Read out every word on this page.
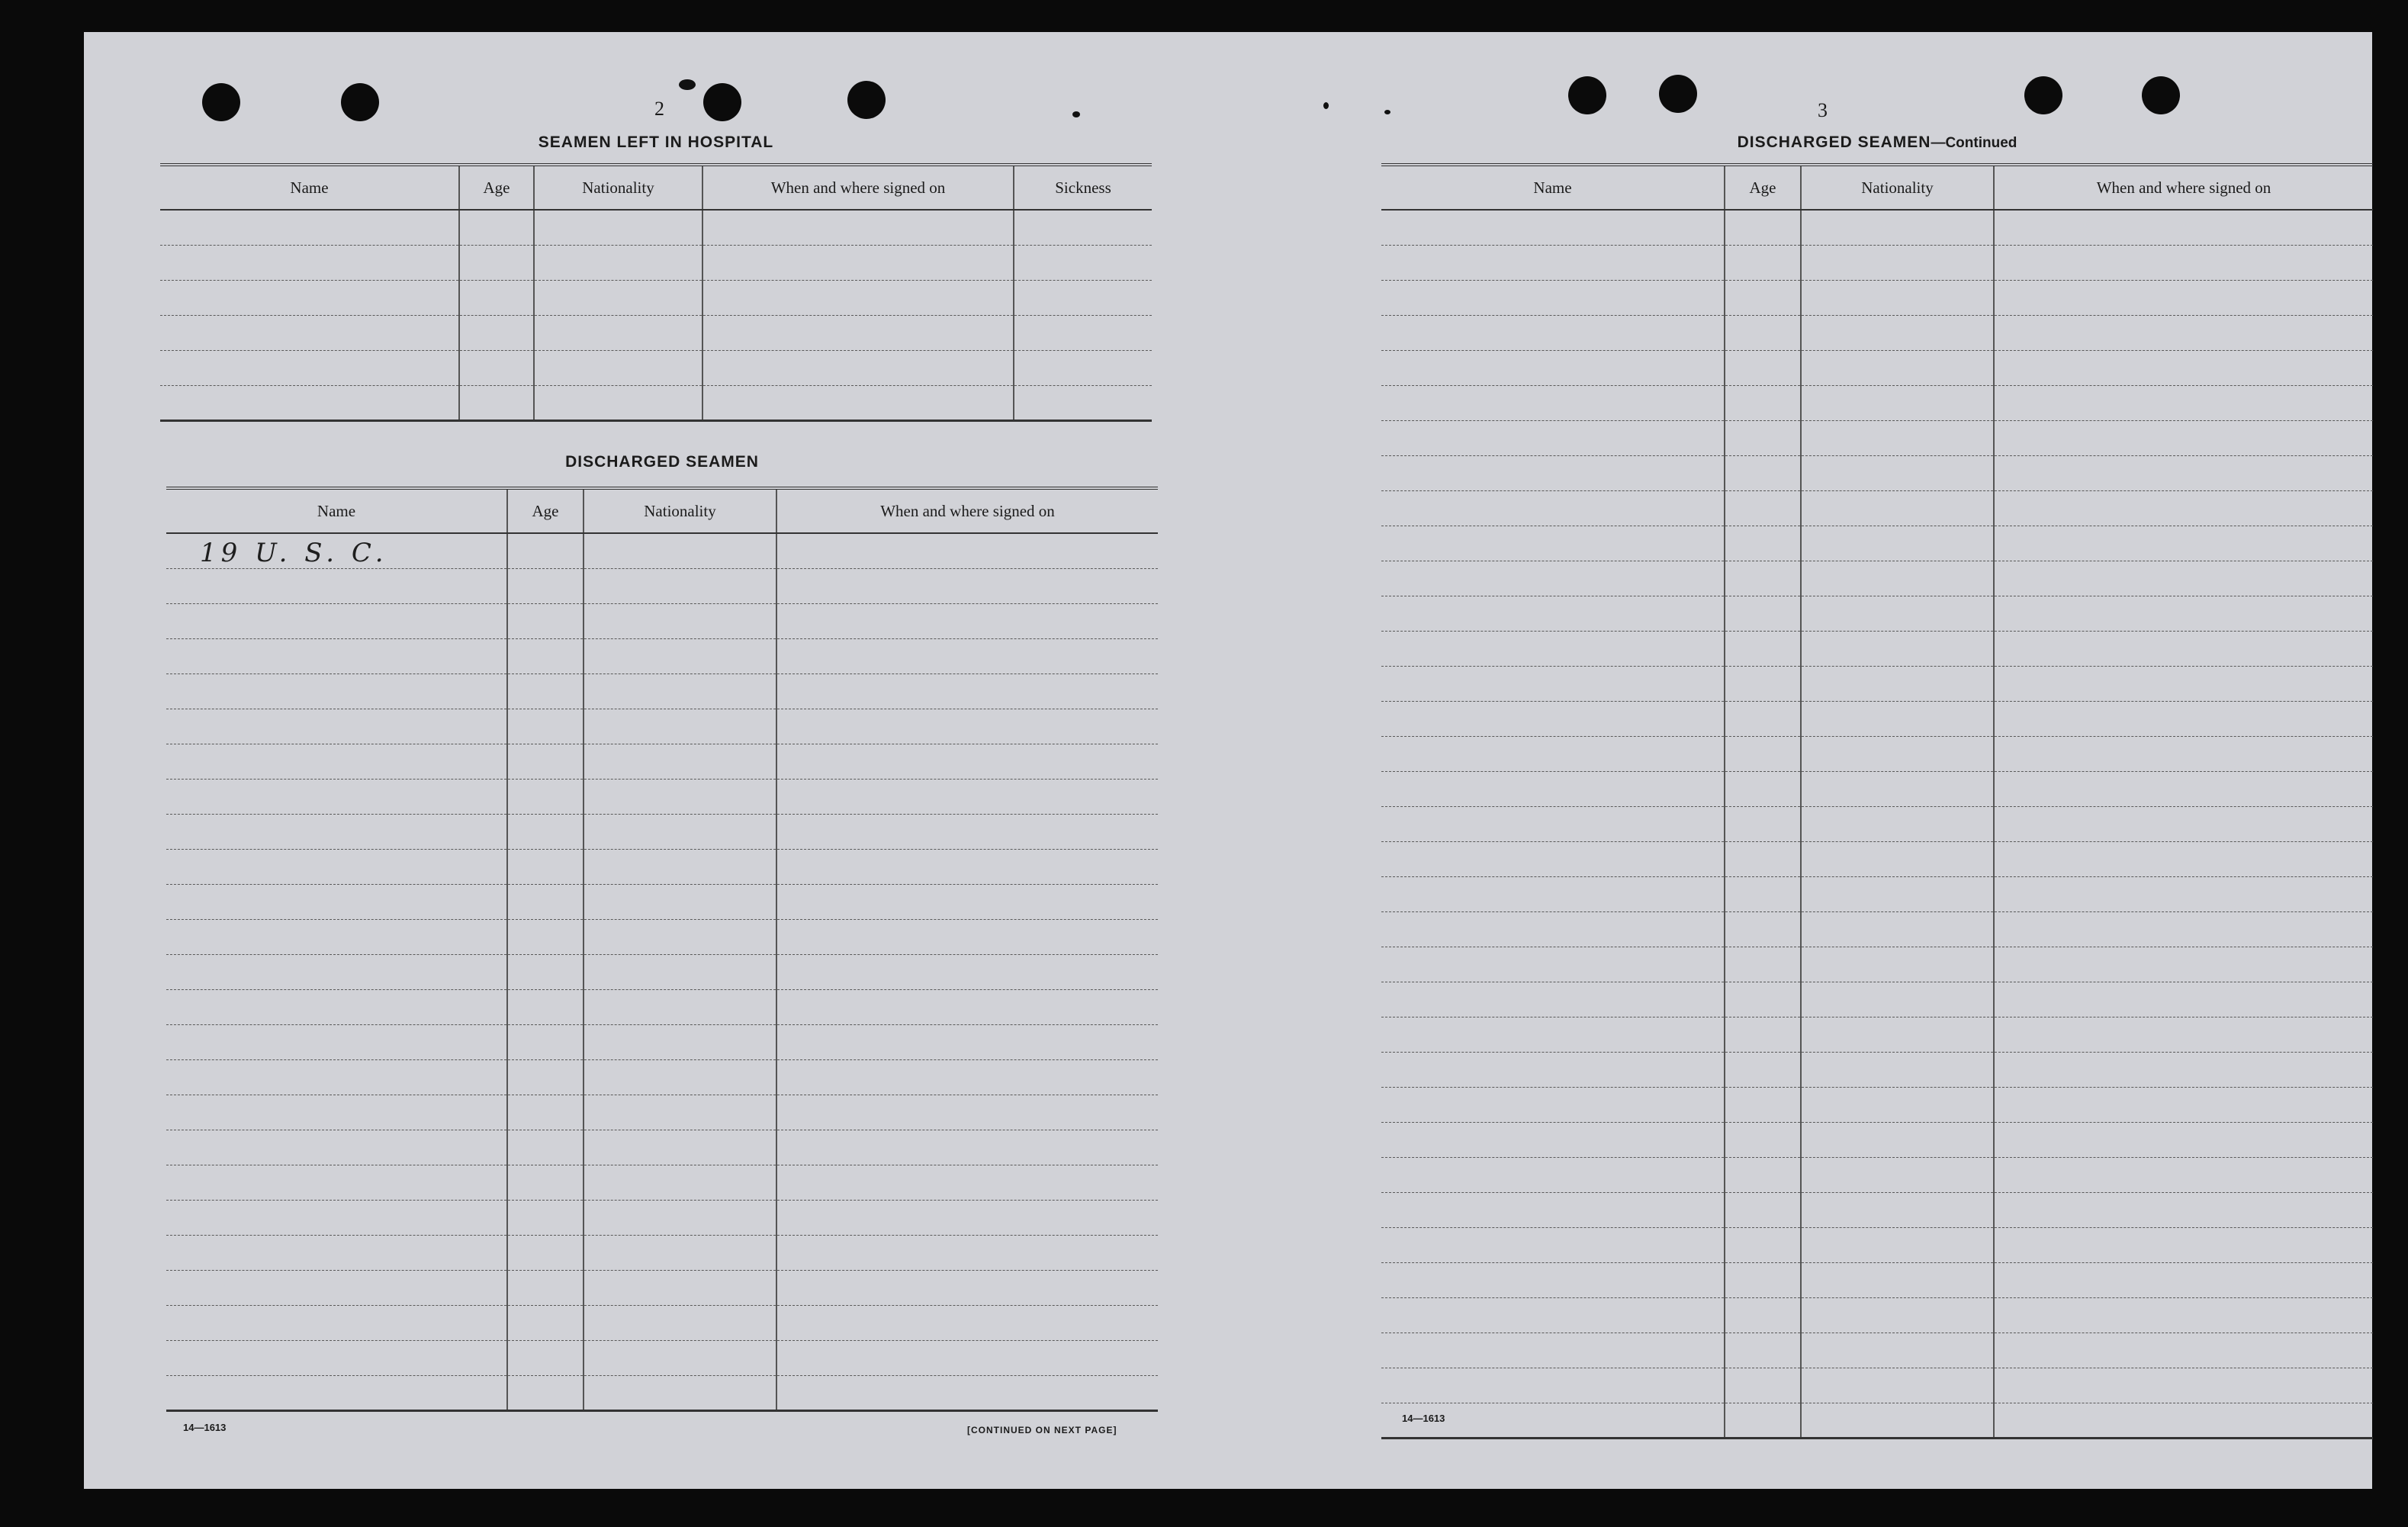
2
SEAMEN LEFT IN HOSPITAL
Name	Age	Nationality	When and where signed on	Sickness

DISCHARGED SEAMEN
Name	Age	Nationality	When and where signed on
19 U. S. C.			

14—1613	[CONTINUED ON NEXT PAGE]
3
DISCHARGED SEAMEN—Continued
Name	Age	Nationality	When and where signed on

14—1613
